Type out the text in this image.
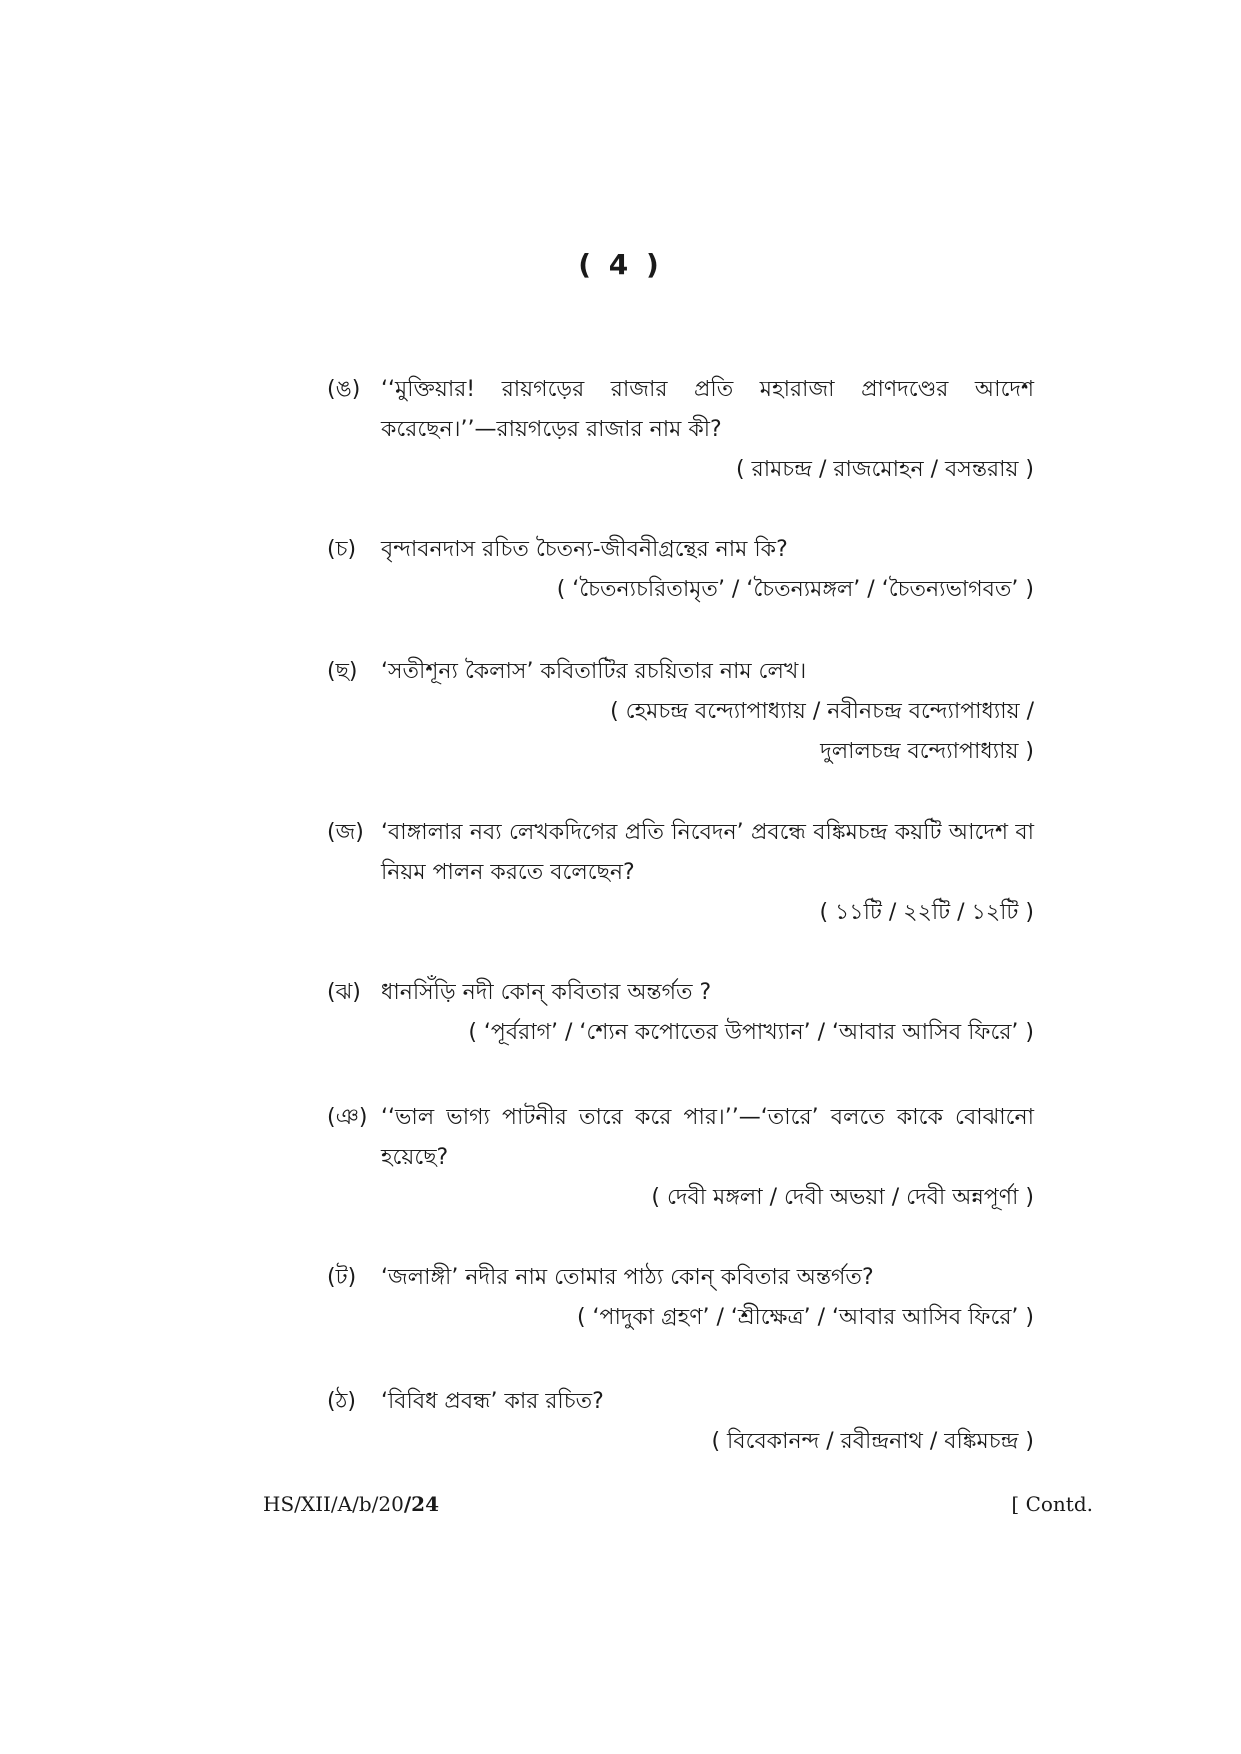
( 4 )
(ঙ) ‘‘মুক্তিয়ার! রায়গড়ের রাজার প্রতি মহারাজা প্রাণদণ্ডের আদেশ করেছেন।’’—রায়গড়ের রাজার নাম কী?
( রামচন্দ্র / রাজমোহন / বসন্তরায় )
(চ)	বৃন্দাবনদাস রচিত চৈতন্য-জীবনীগ্রন্থের নাম কি?
( ‘চৈতন্যচরিতামৃত’ / ‘চৈতন্যমঙ্গল’ / ‘চৈতন্যভাগবত’ )
(ছ)	‘সতীশূন্য কৈলাস’ কবিতাটির রচয়িতার নাম লেখ।
( হেমচন্দ্র বন্দ্যোপাধ্যায় / নবীনচন্দ্র বন্দ্যোপাধ্যায় /
দুলালচন্দ্র বন্দ্যোপাধ্যায় )
(জ) ‘বাঙ্গালার নব্য লেখকদিগের প্রতি নিবেদন’ প্রবন্ধে বঙ্কিমচন্দ্র কয়টি আদেশ বা নিয়ম পালন করতে বলেছেন?
( ১১টি / ২২টি / ১২টি )
(ঝ) ধানসিঁড়ি নদী কোন্ কবিতার অন্তর্গত ?
( ‘পূর্বরাগ’ / ‘শ্যেন কপোতের উপাখ্যান’ / ‘আবার আসিব ফিরে’ )
(ঞ) ‘‘ভাল ভাগ্য পাটনীর তারে করে পার।’’—‘তারে’ বলতে কাকে বোঝানো হয়েছে?
( দেবী মঙ্গলা / দেবী অভয়া / দেবী অন্নপূর্ণা )
(ট)	‘জলাঙ্গী’ নদীর নাম তোমার পাঠ্য কোন্ কবিতার অন্তর্গত?
( ‘পাদুকা গ্রহণ’ / ‘শ্রীক্ষেত্র’ / ‘আবার আসিব ফিরে’ )
(ঠ)	‘বিবিধ প্রবন্ধ’ কার রচিত?
( বিবেকানন্দ / রবীন্দ্রনাথ / বঙ্কিমচন্দ্র )
HS/XII/A/b/20/24	[ Contd.
